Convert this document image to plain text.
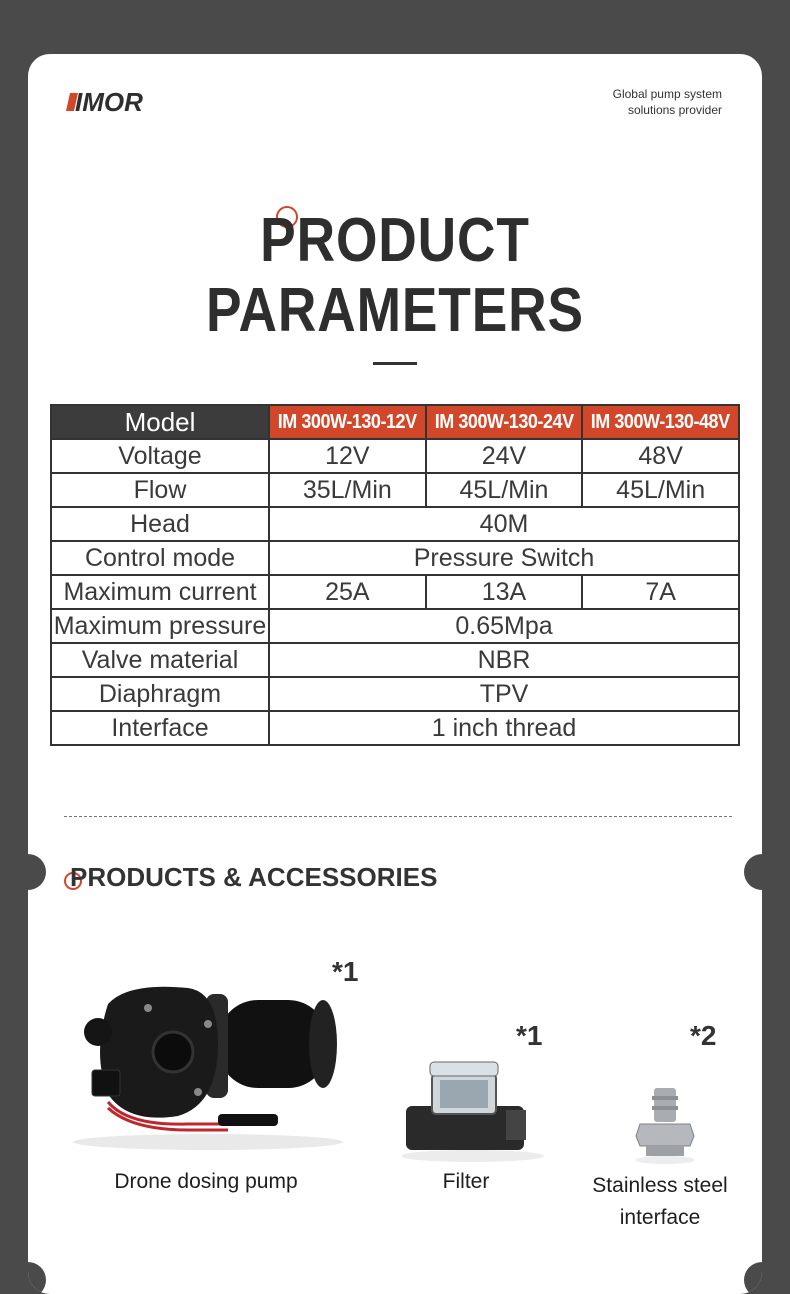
IMOR	Global pump system
solutions provider
PRODUCT
PARAMETERS
Model	IM 300W-130-12V	IM 300W-130-24V	IM 300W-130-48V
Voltage	12V	24V	48V
Flow	35L/Min	45L/Min	45L/Min
Head	40M		
Control mode	Pressure Switch		
Maximum current	25A	13A	7A
Maximum pressure	0.65Mpa		
Valve material	NBR		
Diaphragm	TPV		
Interface	1 inch thread		
PRODUCTS & ACCESSORIES
*1
*1	*2
Drone dosing pump	Filter	Stainless steel
interface
